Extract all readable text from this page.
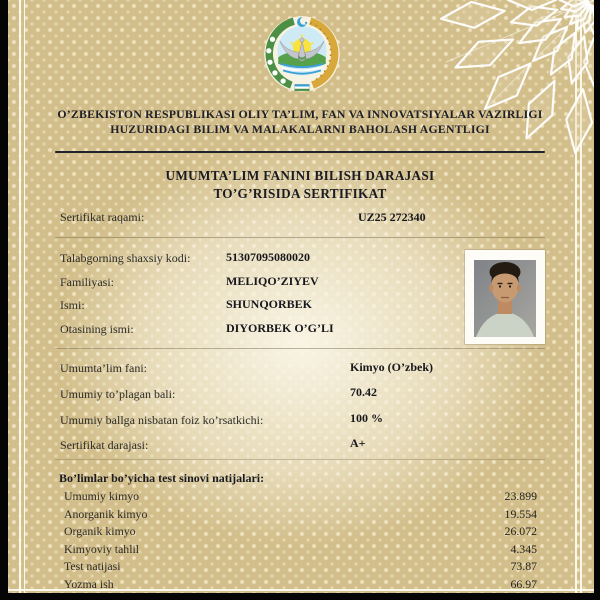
O’ZBEKISTON RESPUBLIKASI OLIY TA’LIM, FAN VA INNOVATSIYALAR VAZIRLIGI
HUZURIDAGI BILIM VA MALAKALARNI BAHOLASH AGENTLIGI
UMUMTA’LIM FANINI BILISH DARAJASI
TO’G’RISIDA SERTIFIKAT
Sertifikat raqami:	UZ25 272340
Talabgorning shaxsiy kodi:	51307095080020
Familiyasi:	MELIQO’ZIYEV
Ismi:	SHUNQORBEK
Otasining ismi:	DIYORBEK O’G’LI
Umumta’lim fani:	Kimyo (O’zbek)
Umumiy to’plagan bali:	70.42
Umumiy ballga nisbatan foiz ko’rsatkichi:	100 %
Sertifikat darajasi:	A+
Bo’limlar bo’yicha test sinovi natijalari:
Umumiy kimyo	23.899
Anorganik kimyo	19.554
Organik kimyo	26.072
Kimyoviy tahlil	4.345
Test natijasi	73.87
Yozma ish	66.97
